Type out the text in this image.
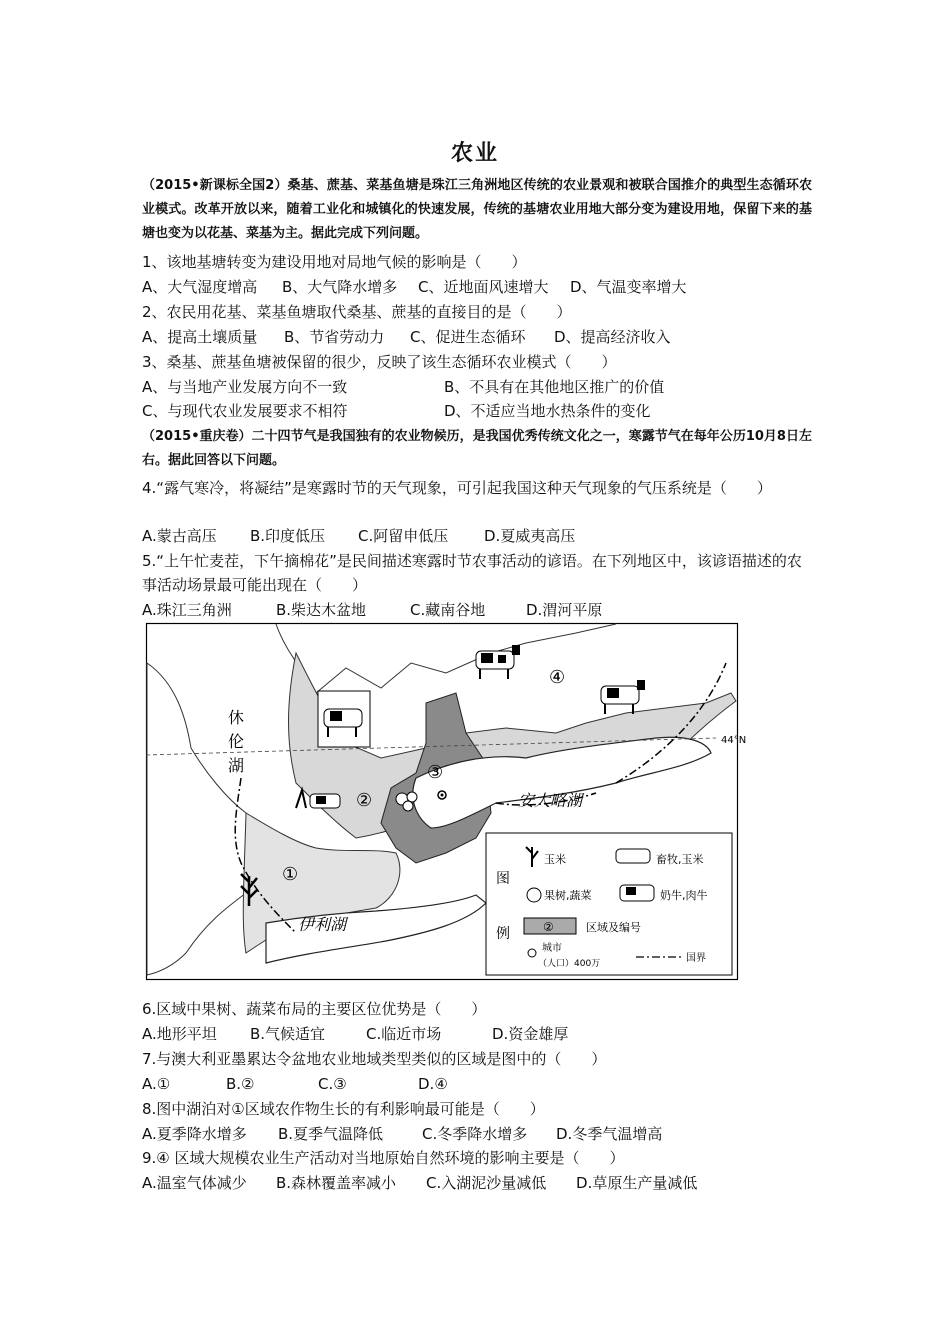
农业
（2015•新课标全国2）桑基、蔗基、菜基鱼塘是珠江三角洲地区传统的农业景观和被联合国推介的典型生态循环农业模式。改革开放以来，随着工业化和城镇化的快速发展，传统的基塘农业用地大部分变为建设用地，保留下来的基塘也变为以花基、菜基为主。据此完成下列问题。
1、该地基塘转变为建设用地对局地气候的影响是（　　）
A、大气湿度增高 B、大气降水增多 C、近地面风速增大 D、气温变率增大
2、农民用花基、菜基鱼塘取代桑基、蔗基的直接目的是（　　）
A、提高土壤质量 B、节省劳动力 C、促进生态循环 D、提高经济收入
3、桑基、蔗基鱼塘被保留的很少，反映了该生态循环农业模式（　　）
A、与当地产业发展方向不一致	B、不具有在其他地区推广的价值
C、与现代农业发展要求不相符	D、不适应当地水热条件的变化
（2015•重庆卷）二十四节气是我国独有的农业物候历，是我国优秀传统文化之一，寒露节气在每年公历10月8日左右。据此回答以下问题。
4.“露气寒冷，将凝结”是寒露时节的天气现象，可引起我国这种天气现象的气压系统是（　　）
A.蒙古高压 B.印度低压 C.阿留申低压 D.夏威夷高压
5.“上午忙麦茬，下午摘棉花”是民间描述寒露时节农事活动的谚语。在下列地区中，该谚语描述的农事活动场景最可能出现在（　　）
A.珠江三角洲	B.柴达木盆地	C.藏南谷地	D.渭河平原
44°N
④
③
②
①
休
伦
湖
伊利湖
安大略湖
图
例
玉米	畜牧,玉米
果树,蔬菜	奶牛,肉牛
②	区域及编号
城市
（人口）400万	国界
6.区域中果树、蔬菜布局的主要区位优势是（　　）
A.地形平坦 B.气候适宜	C.临近市场	D.资金雄厚
7.与澳大利亚墨累达令盆地农业地域类型类似的区域是图中的（　　）
A.①	B.②	C.③	D.④
8.图中湖泊对①区域农作物生长的有利影响最可能是（　　）
A.夏季降水增多 B.夏季气温降低	C.冬季降水增多 D.冬季气温增高
9.④ 区域大规模农业生产活动对当地原始自然环境的影响主要是（　　）
A.温室气体减少 B.森林覆盖率减小 C.入湖泥沙量减低 D.草原生产量减低
